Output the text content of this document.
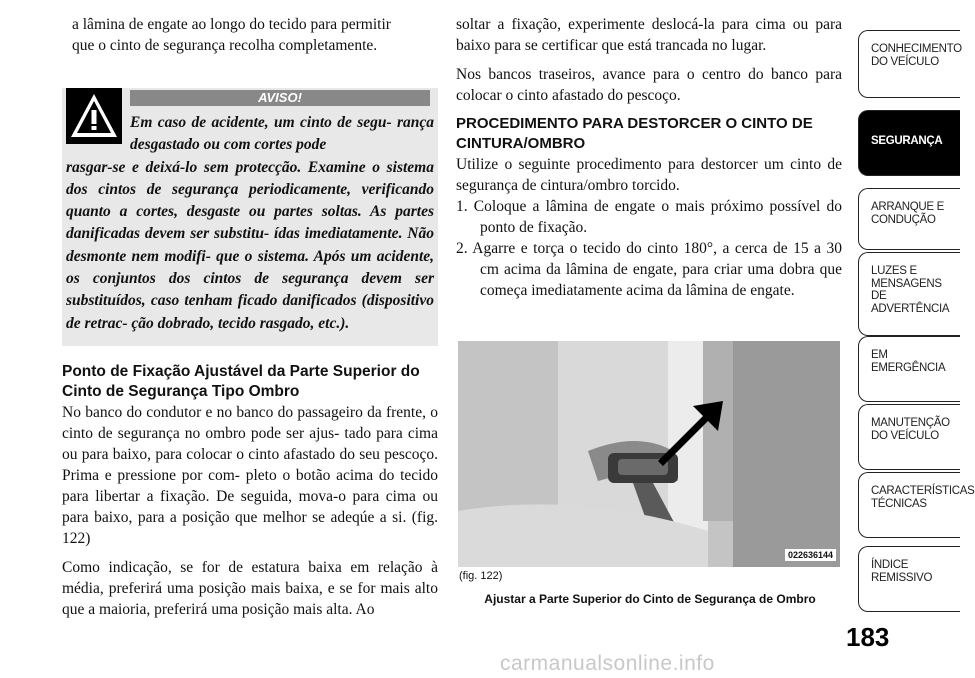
a lâmina de engate ao longo do tecido para permitir
que o cinto de segurança recolha completamente.
AVISO!
Em caso de acidente, um cinto de segu- rança desgastado ou com cortes pode
rasgar-se e deixá-lo sem protecção. Examine o sistema dos cintos de segurança periodicamente, verificando quanto a cortes, desgaste ou partes soltas. As partes danificadas devem ser substitu- ídas imediatamente. Não desmonte nem modifi- que o sistema. Após um acidente, os conjuntos dos cintos de segurança devem ser substituídos, caso tenham ficado danificados (dispositivo de retrac- ção dobrado, tecido rasgado, etc.).
Ponto de Fixação Ajustável da Parte Superior do Cinto de Segurança Tipo Ombro

No banco do condutor e no banco do passageiro da frente, o cinto de segurança no ombro pode ser ajus- tado para cima ou para baixo, para colocar o cinto afastado do seu pescoço. Prima e pressione por com- pleto o botão acima do tecido para libertar a fixação. De seguida, mova-o para cima ou para baixo, para a posição que melhor se adeqúe a si. (fig. 122)

Como indicação, se for de estatura baixa em relação à média, preferirá uma posição mais baixa, e se for mais alto que a maioria, preferirá uma posição mais alta. Ao

soltar a fixação, experimente deslocá-la para cima ou para baixo para se certificar que está trancada no lugar.

Nos bancos traseiros, avance para o centro do banco para colocar o cinto afastado do pescoço.

PROCEDIMENTO PARA DESTORCER O CINTO DE CINTURA/OMBRO

Utilize o seguinte procedimento para destorcer um cinto de segurança de cintura/ombro torcido.

1. Coloque a lâmina de engate o mais próximo possível do ponto de fixação.
2. Agarre e torça o tecido do cinto 180°, a cerca de 15 a 30 cm acima da lâmina de engate, para criar uma dobra que começa imediatamente acima da lâmina de engate.
022636144
(fig. 122)
Ajustar a Parte Superior do Cinto de Segurança de Ombro
CONHECIMENTO DO VEÍCULO
SEGURANÇA
ARRANQUE E CONDUÇÃO
LUZES E MENSAGENS DE ADVERTÊNCIA
EM EMERGÊNCIA
MANUTENÇÃO DO VEÍCULO
CARACTERÍSTICAS TÉCNICAS
ÍNDICE REMISSIVO
183
carmanualsonline.info
